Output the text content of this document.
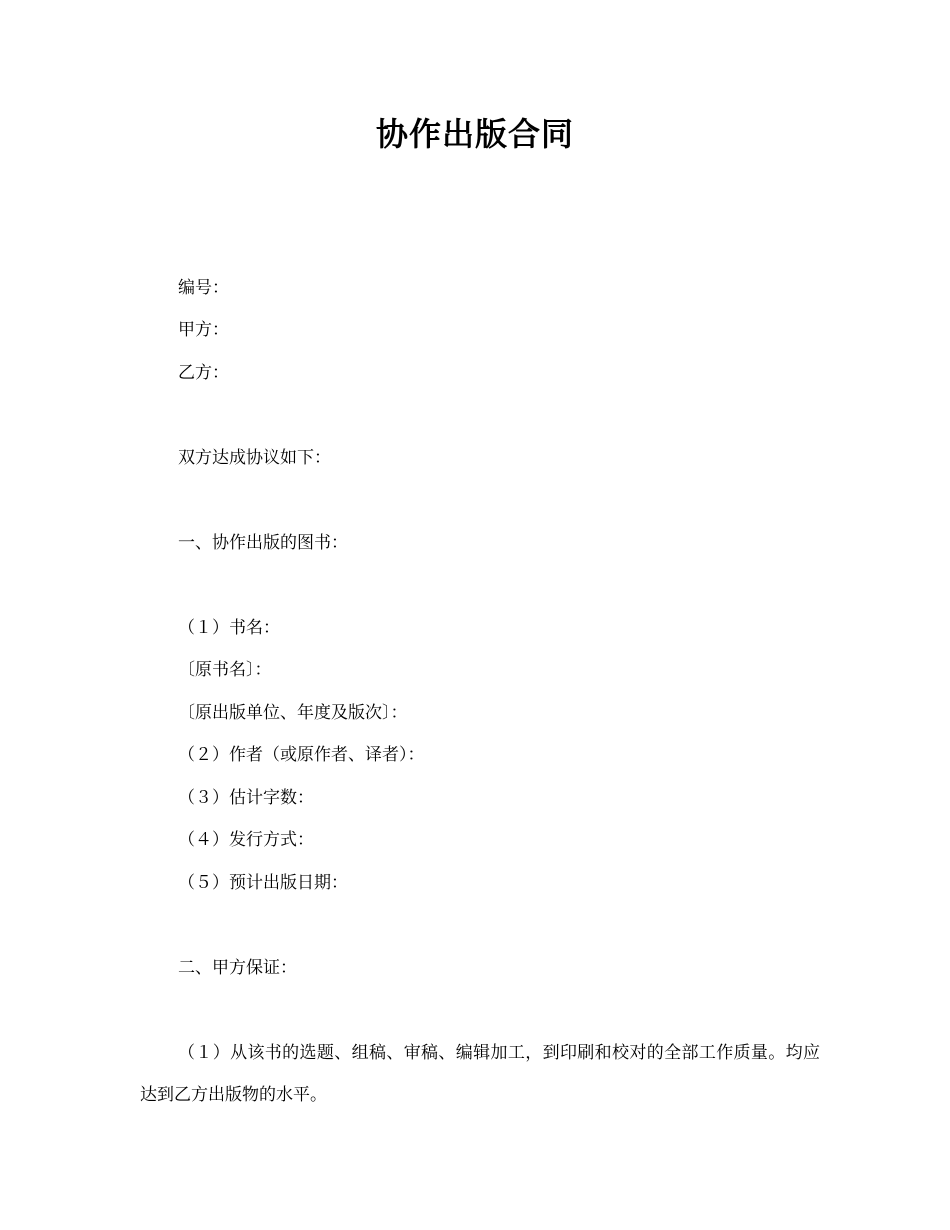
协作出版合同
编号：
甲方：
乙方：
双方达成协议如下：
一、协作出版的图书：
（１）书名：
〔原书名〕：
〔原出版单位、年度及版次〕：
（２）作者（或原作者、译者）：
（３）估计字数：
（４）发行方式：
（５）预计出版日期：
二、甲方保证：
（１）从该书的选题、组稿、审稿、编辑加工，到印刷和校对的全部工作质量。均应达到乙方出版物的水平。
